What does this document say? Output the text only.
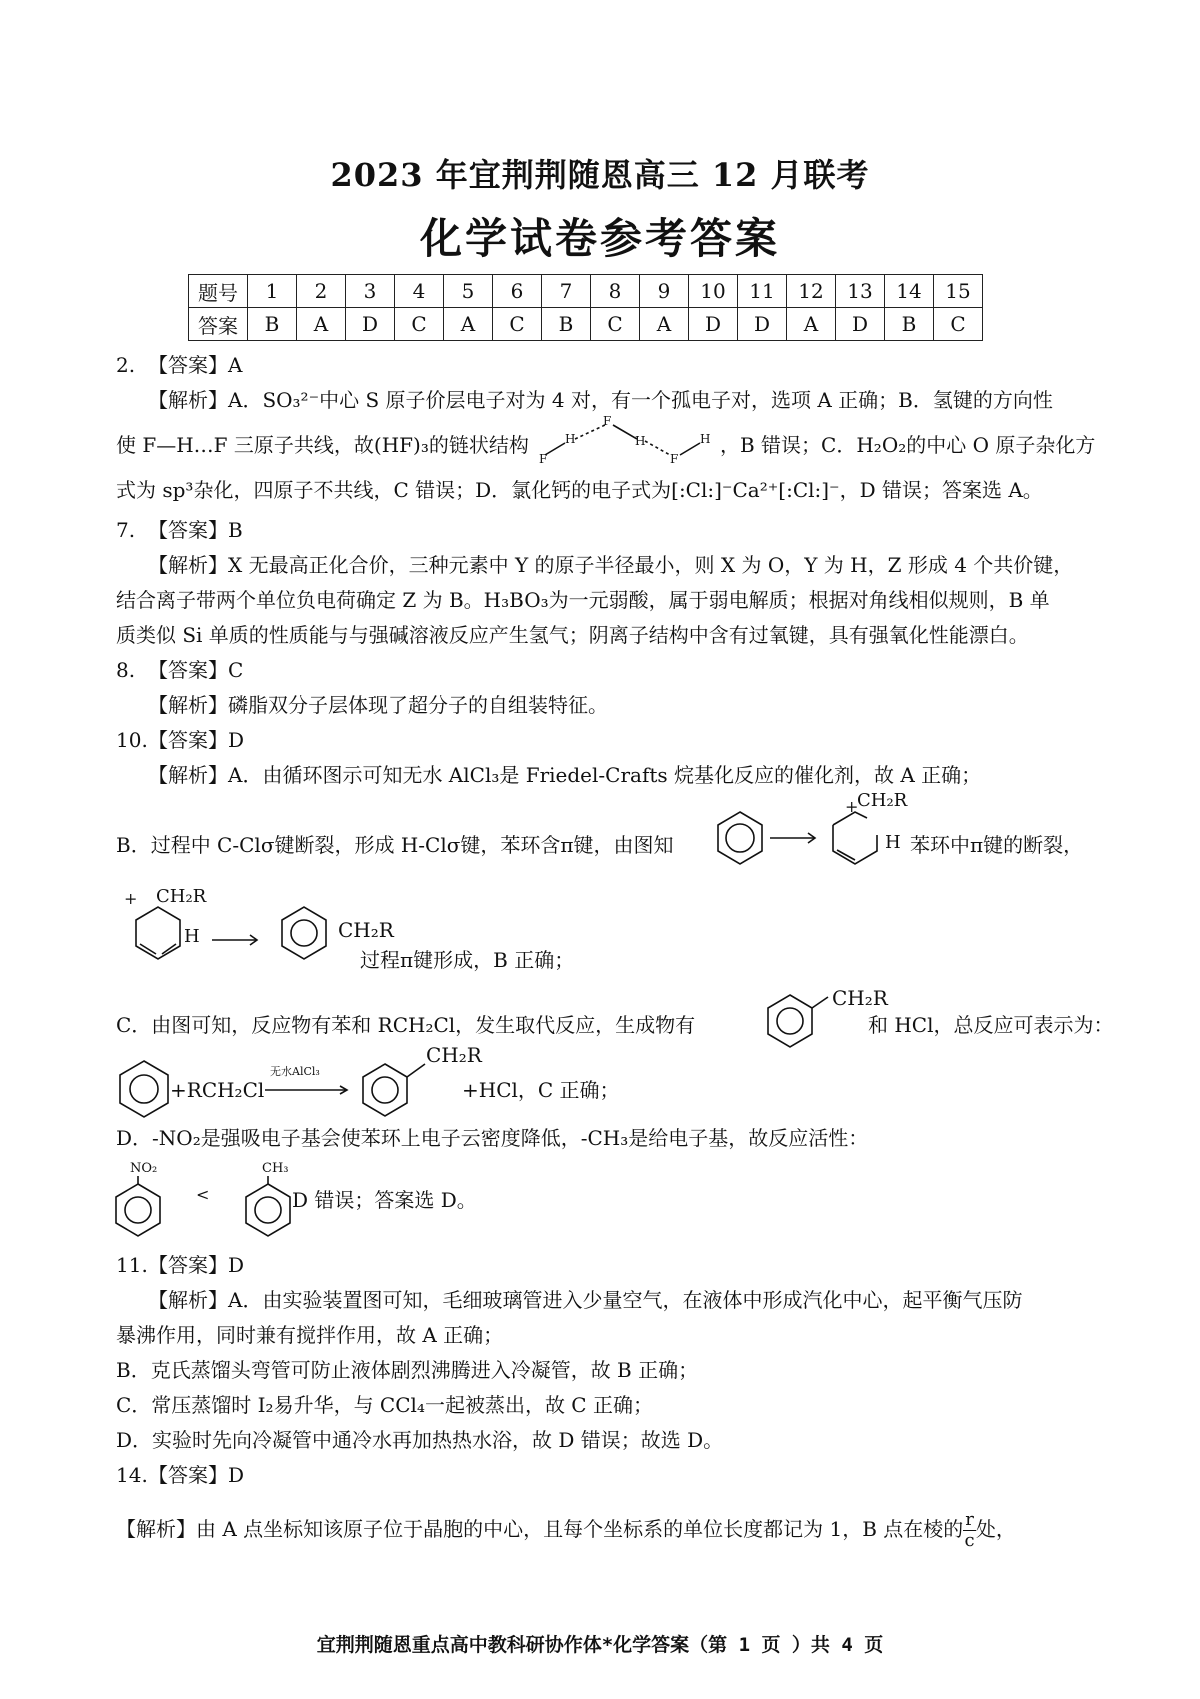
2023 年宜荆荆随恩高三 12 月联考
化学试卷参考答案
题号	1	2	3	4	5	6	7	8	9	10	11	12	13	14	15
答案	B	A	D	C	A	C	B	C	A	D	D	A	D	B	C
2. 【答案】A
【解析】A．SO₃²⁻中心 S 原子价层电子对为 4 对，有一个孤电子对，选项 A 正确；B．氢键的方向性
使 F—H…F 三原子共线，故(HF)₃的链状结构
F
H
F
H
F
H ，B 错误；C．H₂O₂的中心 O 原子杂化方
式为 sp³杂化，四原子不共线，C 错误；D．氯化钙的电子式为[:Cl:]⁻Ca²⁺[:Cl:]⁻，D 错误；答案选 A。
7. 【答案】B
【解析】X 无最高正化合价，三种元素中 Y 的原子半径最小，则 X 为 O，Y 为 H，Z 形成 4 个共价键，
结合离子带两个单位负电荷确定 Z 为 B。H₃BO₃为一元弱酸，属于弱电解质；根据对角线相似规则，B 单
质类似 Si 单质的性质能与与强碱溶液反应产生氢气；阴离子结构中含有过氧键，具有强氧化性能漂白。
8. 【答案】C
【解析】磷脂双分子层体现了超分子的自组装特征。
10. 【答案】D
【解析】A．由循环图示可知无水 AlCl₃是 Friedel-Crafts 烷基化反应的催化剂，故 A 正确；
B．过程中 C-Clσ键断裂，形成 H-Clσ键，苯环含π键，由图知
+
CH₂R
H 苯环中π键的断裂，
+ CH₂R
H	CH₂R
过程π键形成，B 正确；
C．由图可知，反应物有苯和 RCH₂Cl，发生取代反应，生成物有
CH₂R
和 HCl，总反应可表示为：
+RCH₂Cl
无水AlCl₃
CH₂R
+HCl，C 正确；
D．-NO₂是强吸电子基会使苯环上电子云密度降低，-CH₃是给电子基，故反应活性：
NO₂
<
CH₃
D 错误；答案选 D。
11. 【答案】D
【解析】A．由实验装置图可知，毛细玻璃管进入少量空气，在液体中形成汽化中心，起平衡气压防
暴沸作用，同时兼有搅拌作用，故 A 正确；
B．克氏蒸馏头弯管可防止液体剧烈沸腾进入冷凝管，故 B 正确；
C．常压蒸馏时 I₂易升华，与 CCl₄一起被蒸出，故 C 正确；
D．实验时先向冷凝管中通冷水再加热热水浴，故 D 错误；故选 D。
14. 【答案】D
【解析】由 A 点坐标知该原子位于晶胞的中心，且每个坐标系的单位长度都记为 1，B 点在棱的 $\frac{r}{c}$ 处，
宜荆荆随恩重点高中教科研协作体*化学答案（第 1 页 ）共 4 页
